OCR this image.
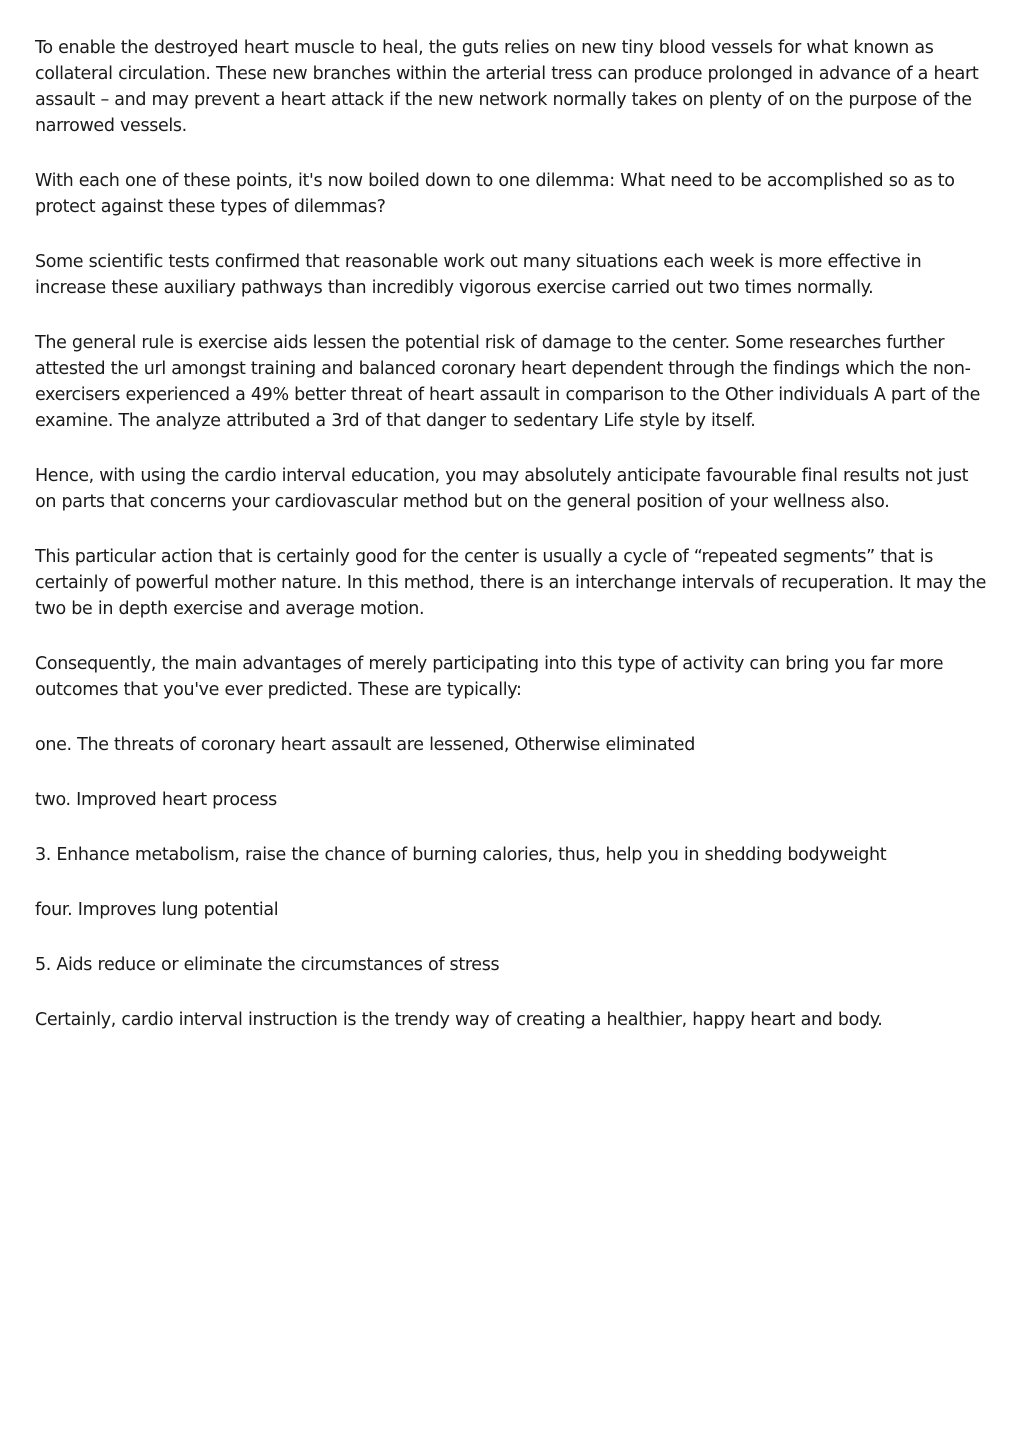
To enable the destroyed heart muscle to heal, the guts relies on new tiny blood vessels for what known as collateral circulation. These new branches within the arterial tress can produce prolonged in advance of a heart assault – and may prevent a heart attack if the new network normally takes on plenty of on the purpose of the narrowed vessels.

With each one of these points, it's now boiled down to one dilemma: What need to be accomplished so as to protect against these types of dilemmas?

Some scientific tests confirmed that reasonable work out many situations each week is more effective in increase these auxiliary pathways than incredibly vigorous exercise carried out two times normally.

The general rule is exercise aids lessen the potential risk of damage to the center. Some researches further attested the url amongst training and balanced coronary heart dependent through the findings which the non-exercisers experienced a 49% better threat of heart assault in comparison to the Other individuals A part of the examine. The analyze attributed a 3rd of that danger to sedentary Life style by itself.

Hence, with using the cardio interval education, you may absolutely anticipate favourable final results not just on parts that concerns your cardiovascular method but on the general position of your wellness also.

This particular action that is certainly good for the center is usually a cycle of “repeated segments” that is certainly of powerful mother nature. In this method, there is an interchange intervals of recuperation. It may the two be in depth exercise and average motion.

Consequently, the main advantages of merely participating into this type of activity can bring you far more outcomes that you've ever predicted. These are typically:

one. The threats of coronary heart assault are lessened, Otherwise eliminated

two. Improved heart process

3. Enhance metabolism, raise the chance of burning calories, thus, help you in shedding bodyweight

four. Improves lung potential

5. Aids reduce or eliminate the circumstances of stress

Certainly, cardio interval instruction is the trendy way of creating a healthier, happy heart and body.
